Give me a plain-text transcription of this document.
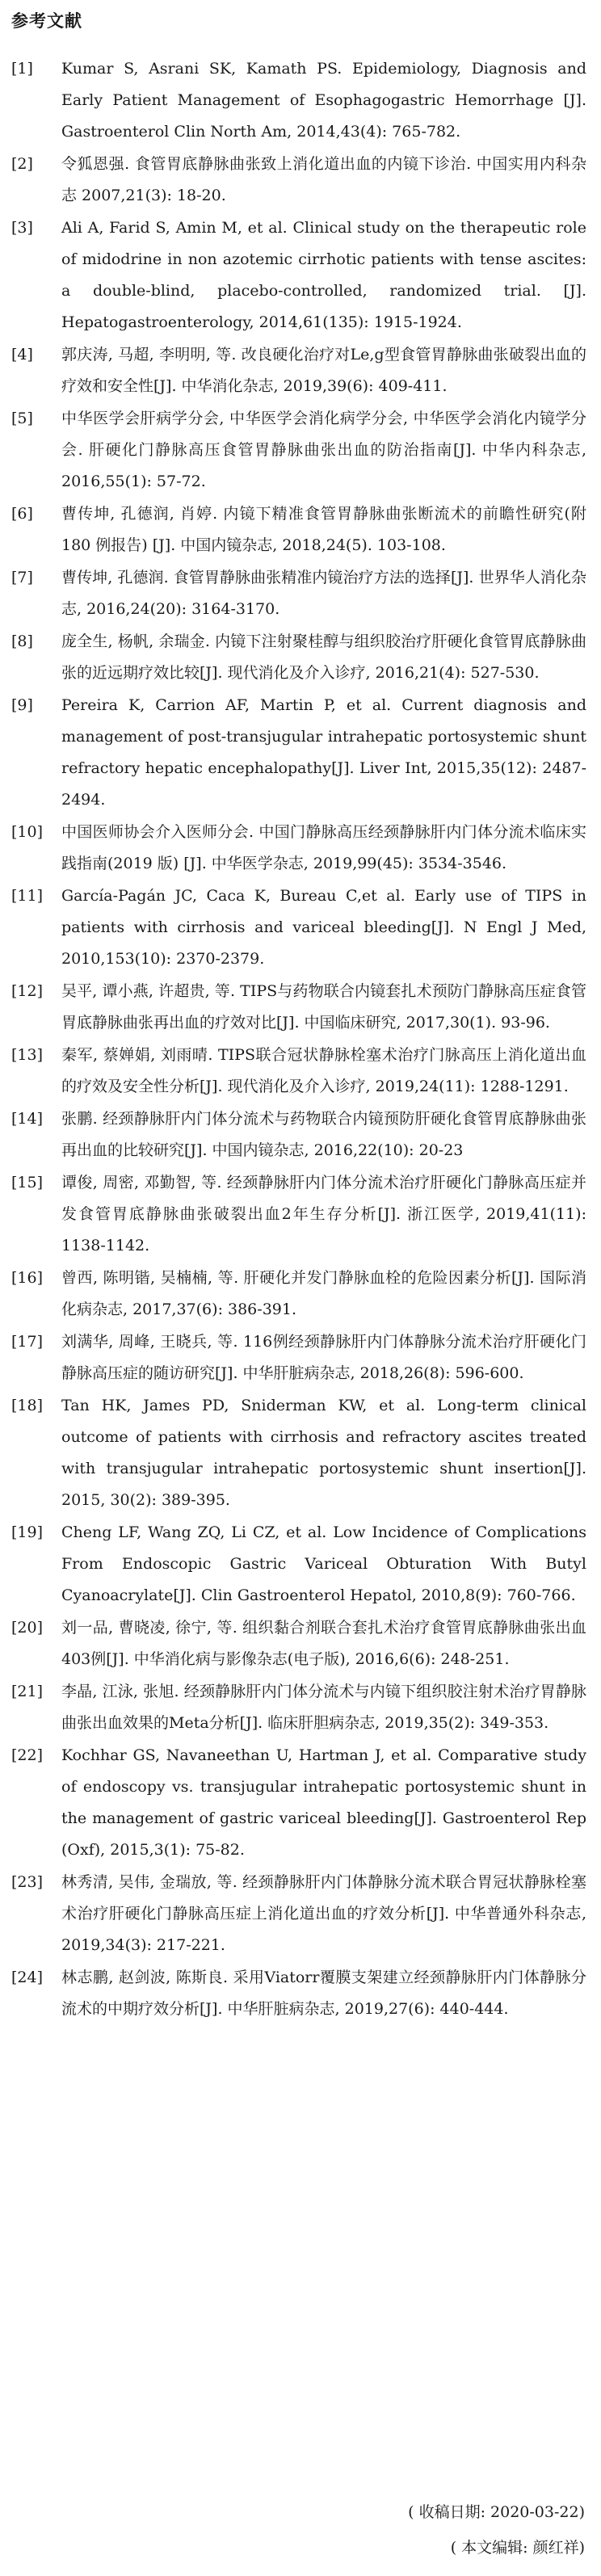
参考文献
[1]	Kumar S, Asrani SK, Kamath PS. Epidemiology, Diagnosis and Early Patient Management of Esophagogastric Hemorrhage [J]. Gastroenterol Clin North Am, 2014,43(4): 765-782.
[2]	令狐恩强. 食管胃底静脉曲张致上消化道出血的内镜下诊治. 中国实用内科杂志 2007,21(3): 18-20.
[3]	Ali A, Farid S, Amin M, et al. Clinical study on the therapeutic role of midodrine in non azotemic cirrhotic patients with tense ascites: a double-blind, placebo-controlled, randomized trial. [J]. Hepatogastroenterology, 2014,61(135): 1915-1924.
[4]	郭庆涛, 马超, 李明明, 等. 改良硬化治疗对Le,g型食管胃静脉曲张破裂出血的疗效和安全性[J]. 中华消化杂志, 2019,39(6): 409-411.
[5]	中华医学会肝病学分会, 中华医学会消化病学分会, 中华医学会消化内镜学分会. 肝硬化门静脉高压食管胃静脉曲张出血的防治指南[J]. 中华内科杂志, 2016,55(1): 57-72.
[6]	曹传坤, 孔德润, 肖婷. 内镜下精准食管胃静脉曲张断流术的前瞻性研究(附 180 例报告) [J]. 中国内镜杂志, 2018,24(5). 103-108.
[7]	曹传坤, 孔德润. 食管胃静脉曲张精准内镜治疗方法的选择[J]. 世界华人消化杂志, 2016,24(20): 3164-3170.
[8]	庞全生, 杨帆, 余瑞金. 内镜下注射聚桂醇与组织胶治疗肝硬化食管胃底静脉曲张的近远期疗效比较[J]. 现代消化及介入诊疗, 2016,21(4): 527-530.
[9]	Pereira K, Carrion AF, Martin P, et al. Current diagnosis and management of post-transjugular intrahepatic portosystemic shunt refractory hepatic encephalopathy[J]. Liver Int, 2015,35(12): 2487-2494.
[10]	中国医师协会介入医师分会. 中国门静脉高压经颈静脉肝内门体分流术临床实践指南(2019 版) [J]. 中华医学杂志, 2019,99(45): 3534-3546.
[11]	García-Pagán JC, Caca K, Bureau C,et al. Early use of TIPS in patients with cirrhosis and variceal bleeding[J]. N Engl J Med, 2010,153(10): 2370-2379.
[12]	吴平, 谭小燕, 许超贵, 等. TIPS与药物联合内镜套扎术预防门静脉高压症食管胃底静脉曲张再出血的疗效对比[J]. 中国临床研究, 2017,30(1). 93-96.
[13]	秦军, 蔡婵娟, 刘雨晴. TIPS联合冠状静脉栓塞术治疗门脉高压上消化道出血的疗效及安全性分析[J]. 现代消化及介入诊疗, 2019,24(11): 1288-1291.
[14]	张鹏. 经颈静脉肝内门体分流术与药物联合内镜预防肝硬化食管胃底静脉曲张再出血的比较研究[J]. 中国内镜杂志, 2016,22(10): 20-23
[15]	谭俊, 周密, 邓勤智, 等. 经颈静脉肝内门体分流术治疗肝硬化门静脉高压症并发食管胃底静脉曲张破裂出血2年生存分析[J]. 浙江医学, 2019,41(11): 1138-1142.
[16]	曾西, 陈明锴, 吴楠楠, 等. 肝硬化并发门静脉血栓的危险因素分析[J]. 国际消化病杂志, 2017,37(6): 386-391.
[17]	刘满华, 周峰, 王晓兵, 等. 116例经颈静脉肝内门体静脉分流术治疗肝硬化门静脉高压症的随访研究[J]. 中华肝脏病杂志, 2018,26(8): 596-600.
[18]	Tan HK, James PD, Sniderman KW, et al. Long-term clinical outcome of patients with cirrhosis and refractory ascites treated with transjugular intrahepatic portosystemic shunt insertion[J]. 2015, 30(2): 389-395.
[19]	Cheng LF, Wang ZQ, Li CZ, et al. Low Incidence of Complications From Endoscopic Gastric Variceal Obturation With Butyl Cyanoacrylate[J]. Clin Gastroenterol Hepatol, 2010,8(9): 760-766.
[20]	刘一品, 曹晓凌, 徐宁, 等. 组织黏合剂联合套扎术治疗食管胃底静脉曲张出血403例[J]. 中华消化病与影像杂志(电子版), 2016,6(6): 248-251.
[21]	李晶, 江泳, 张旭. 经颈静脉肝内门体分流术与内镜下组织胶注射术治疗胃静脉曲张出血效果的Meta分析[J]. 临床肝胆病杂志, 2019,35(2): 349-353.
[22]	Kochhar GS, Navaneethan U, Hartman J, et al. Comparative study of endoscopy vs. transjugular intrahepatic portosystemic shunt in the management of gastric variceal bleeding[J]. Gastroenterol Rep (Oxf), 2015,3(1): 75-82.
[23]	林秀清, 吴伟, 金瑞放, 等. 经颈静脉肝内门体静脉分流术联合胃冠状静脉栓塞术治疗肝硬化门静脉高压症上消化道出血的疗效分析[J]. 中华普通外科杂志, 2019,34(3): 217-221.
[24]	林志鹏, 赵剑波, 陈斯良. 采用Viatorr覆膜支架建立经颈静脉肝内门体静脉分流术的中期疗效分析[J]. 中华肝脏病杂志, 2019,27(6): 440-444.
( 收稿日期: 2020-03-22)
( 本文编辑: 颜红祥)
